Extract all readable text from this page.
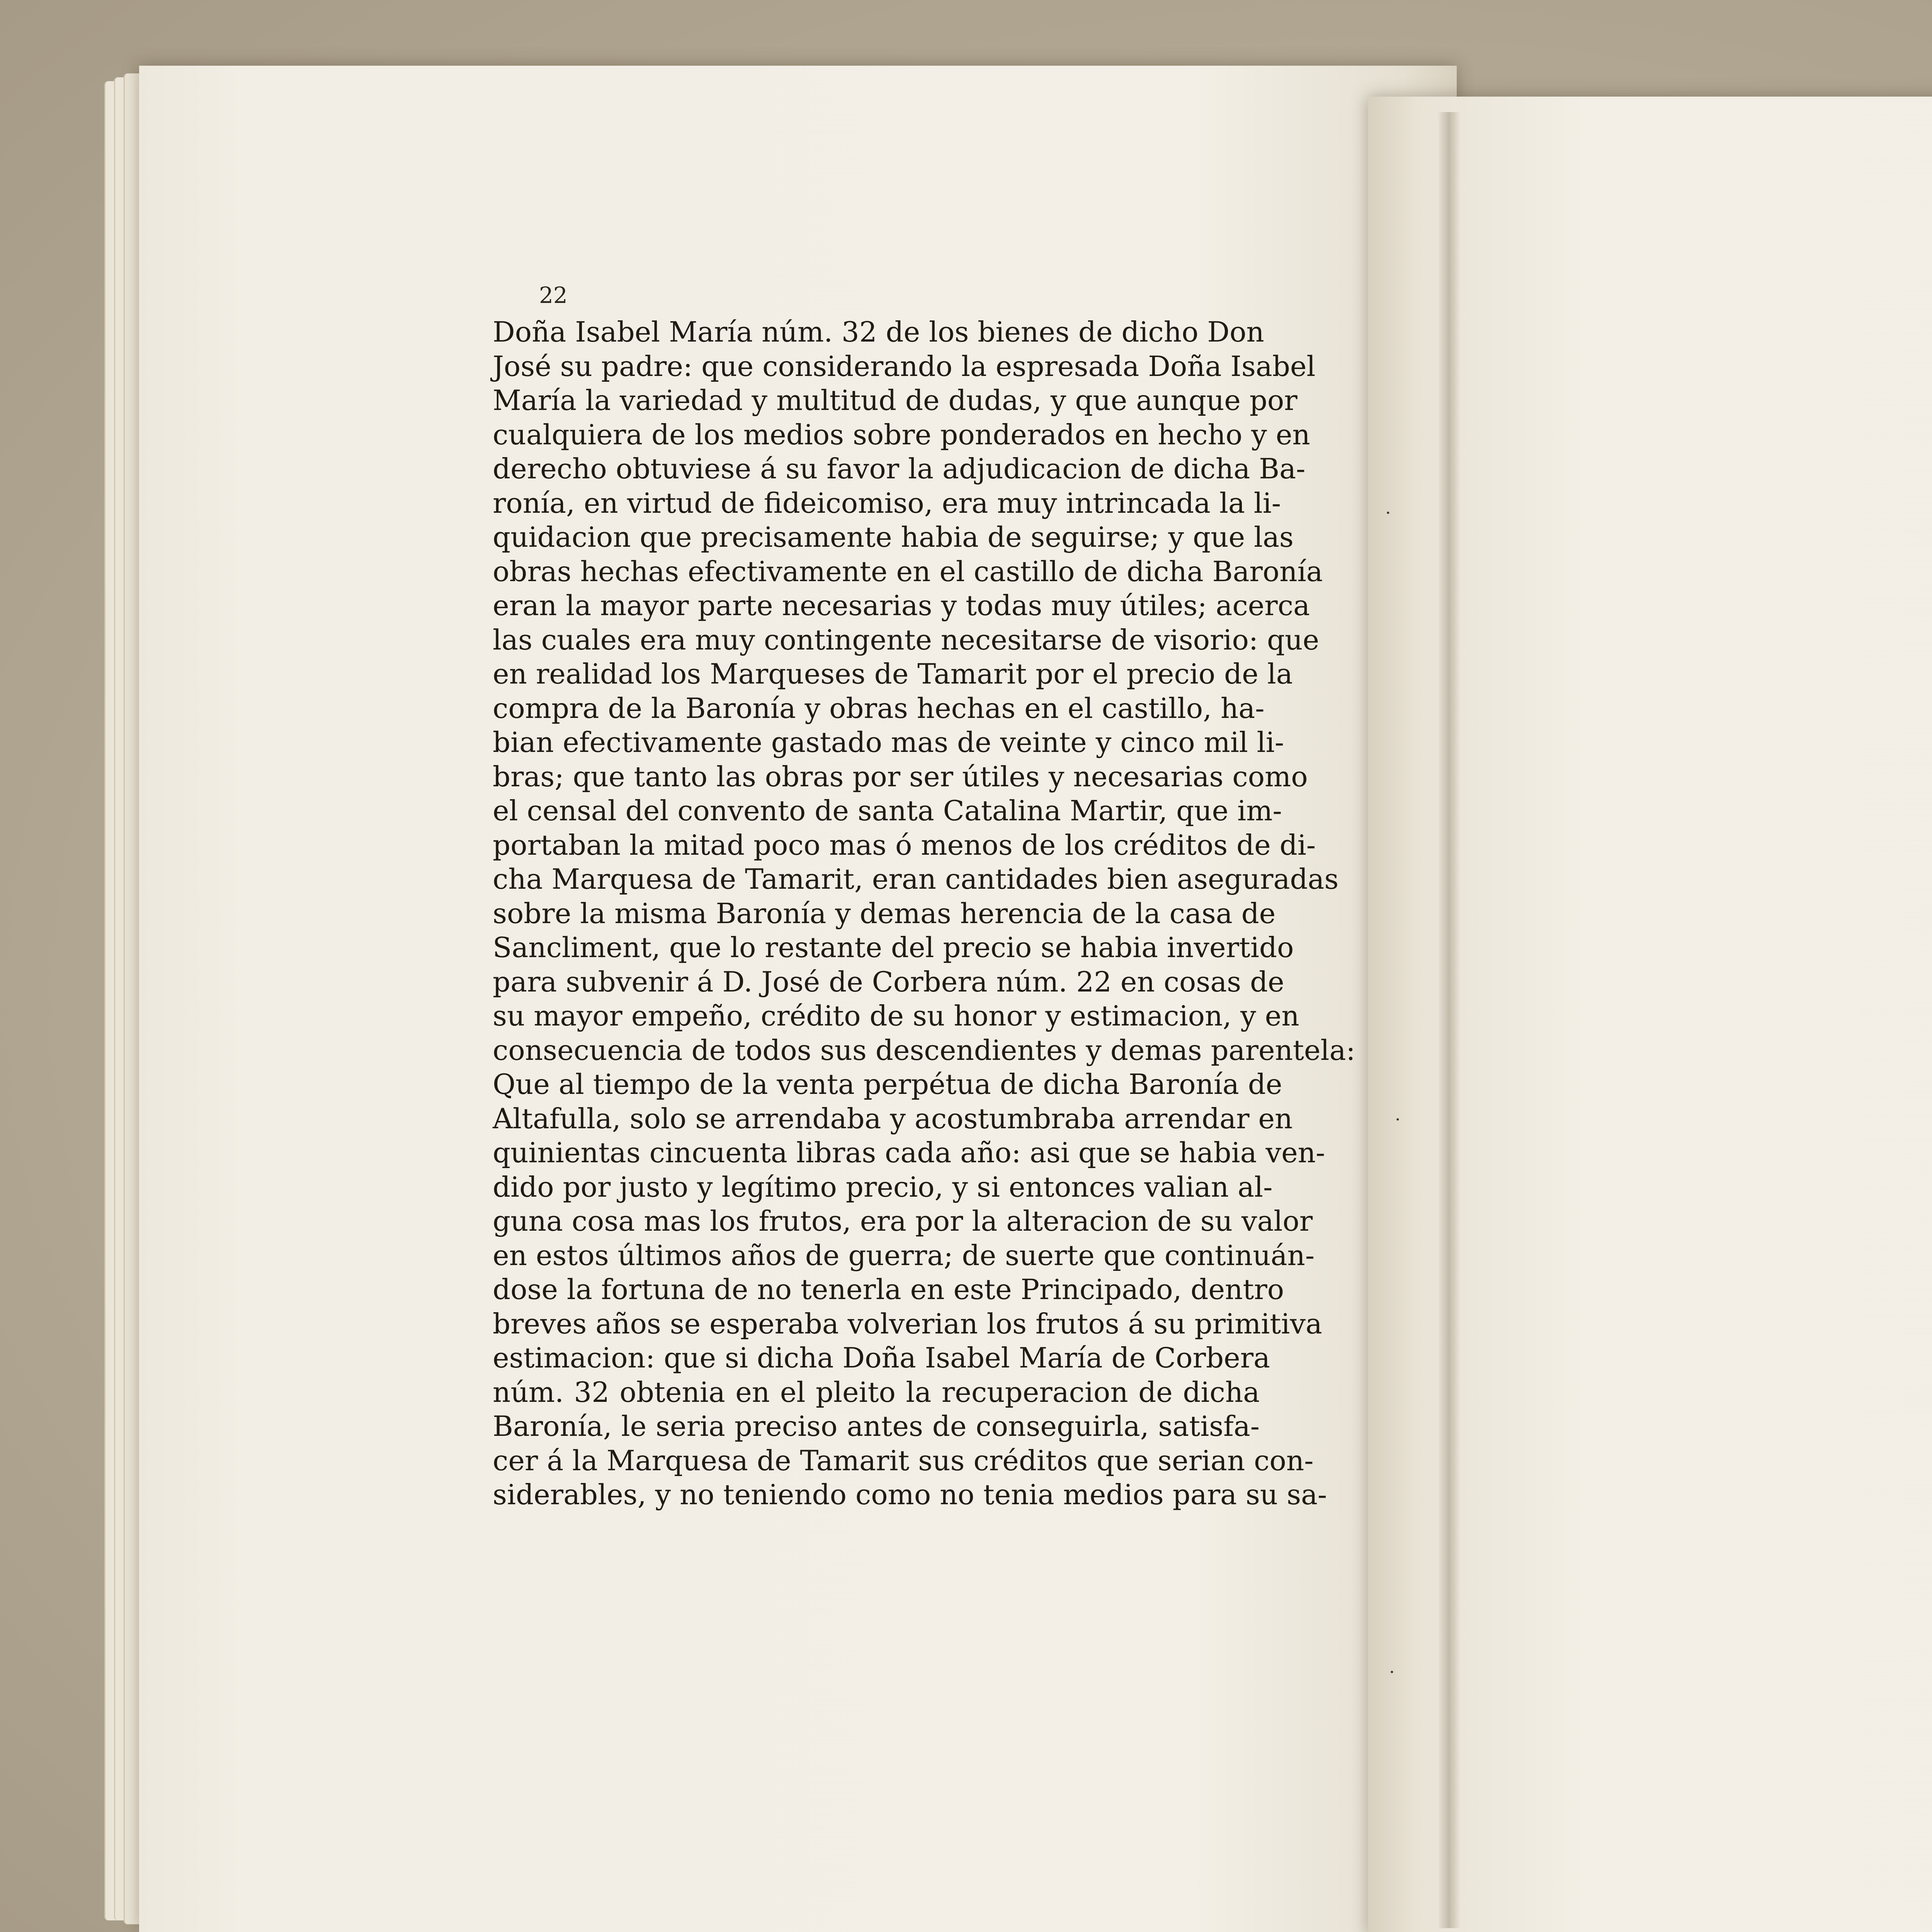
22
Doña Isabel María núm. 32 de los bienes de dicho Don
José su padre: que considerando la espresada Doña Isabel
María la variedad y multitud de dudas, y que aunque por
cualquiera de los medios sobre ponderados en hecho y en
derecho obtuviese á su favor la adjudicacion de dicha Ba-
ronía, en virtud de fideicomiso, era muy intrincada la li-
quidacion que precisamente habia de seguirse; y que las
obras hechas efectivamente en el castillo de dicha Baronía
eran la mayor parte necesarias y todas muy útiles; acerca
las cuales era muy contingente necesitarse de visorio: que
en realidad los Marqueses de Tamarit por el precio de la
compra de la Baronía y obras hechas en el castillo, ha-
bian efectivamente gastado mas de veinte y cinco mil li-
bras; que tanto las obras por ser útiles y necesarias como
el censal del convento de santa Catalina Martir, que im-
portaban la mitad poco mas ó menos de los créditos de di-
cha Marquesa de Tamarit, eran cantidades bien aseguradas
sobre la misma Baronía y demas herencia de la casa de
Sancliment, que lo restante del precio se habia invertido
para subvenir á D. José de Corbera núm. 22 en cosas de
su mayor empeño, crédito de su honor y estimacion, y en
consecuencia de todos sus descendientes y demas parentela:
Que al tiempo de la venta perpétua de dicha Baronía de
Altafulla, solo se arrendaba y acostumbraba arrendar en
quinientas cincuenta libras cada año: asi que se habia ven-
dido por justo y legítimo precio, y si entonces valian al-
guna cosa mas los frutos, era por la alteracion de su valor
en estos últimos años de guerra; de suerte que continuán-
dose la fortuna de no tenerla en este Principado, dentro
breves años se esperaba volverian los frutos á su primitiva
estimacion: que si dicha Doña Isabel María de Corbera
núm. 32 obtenia en el pleito la recuperacion de dicha
Baronía, le seria preciso antes de conseguirla, satisfa-
cer á la Marquesa de Tamarit sus créditos que serian con-
siderables, y no teniendo como no tenia medios para su sa-
·
·
·
